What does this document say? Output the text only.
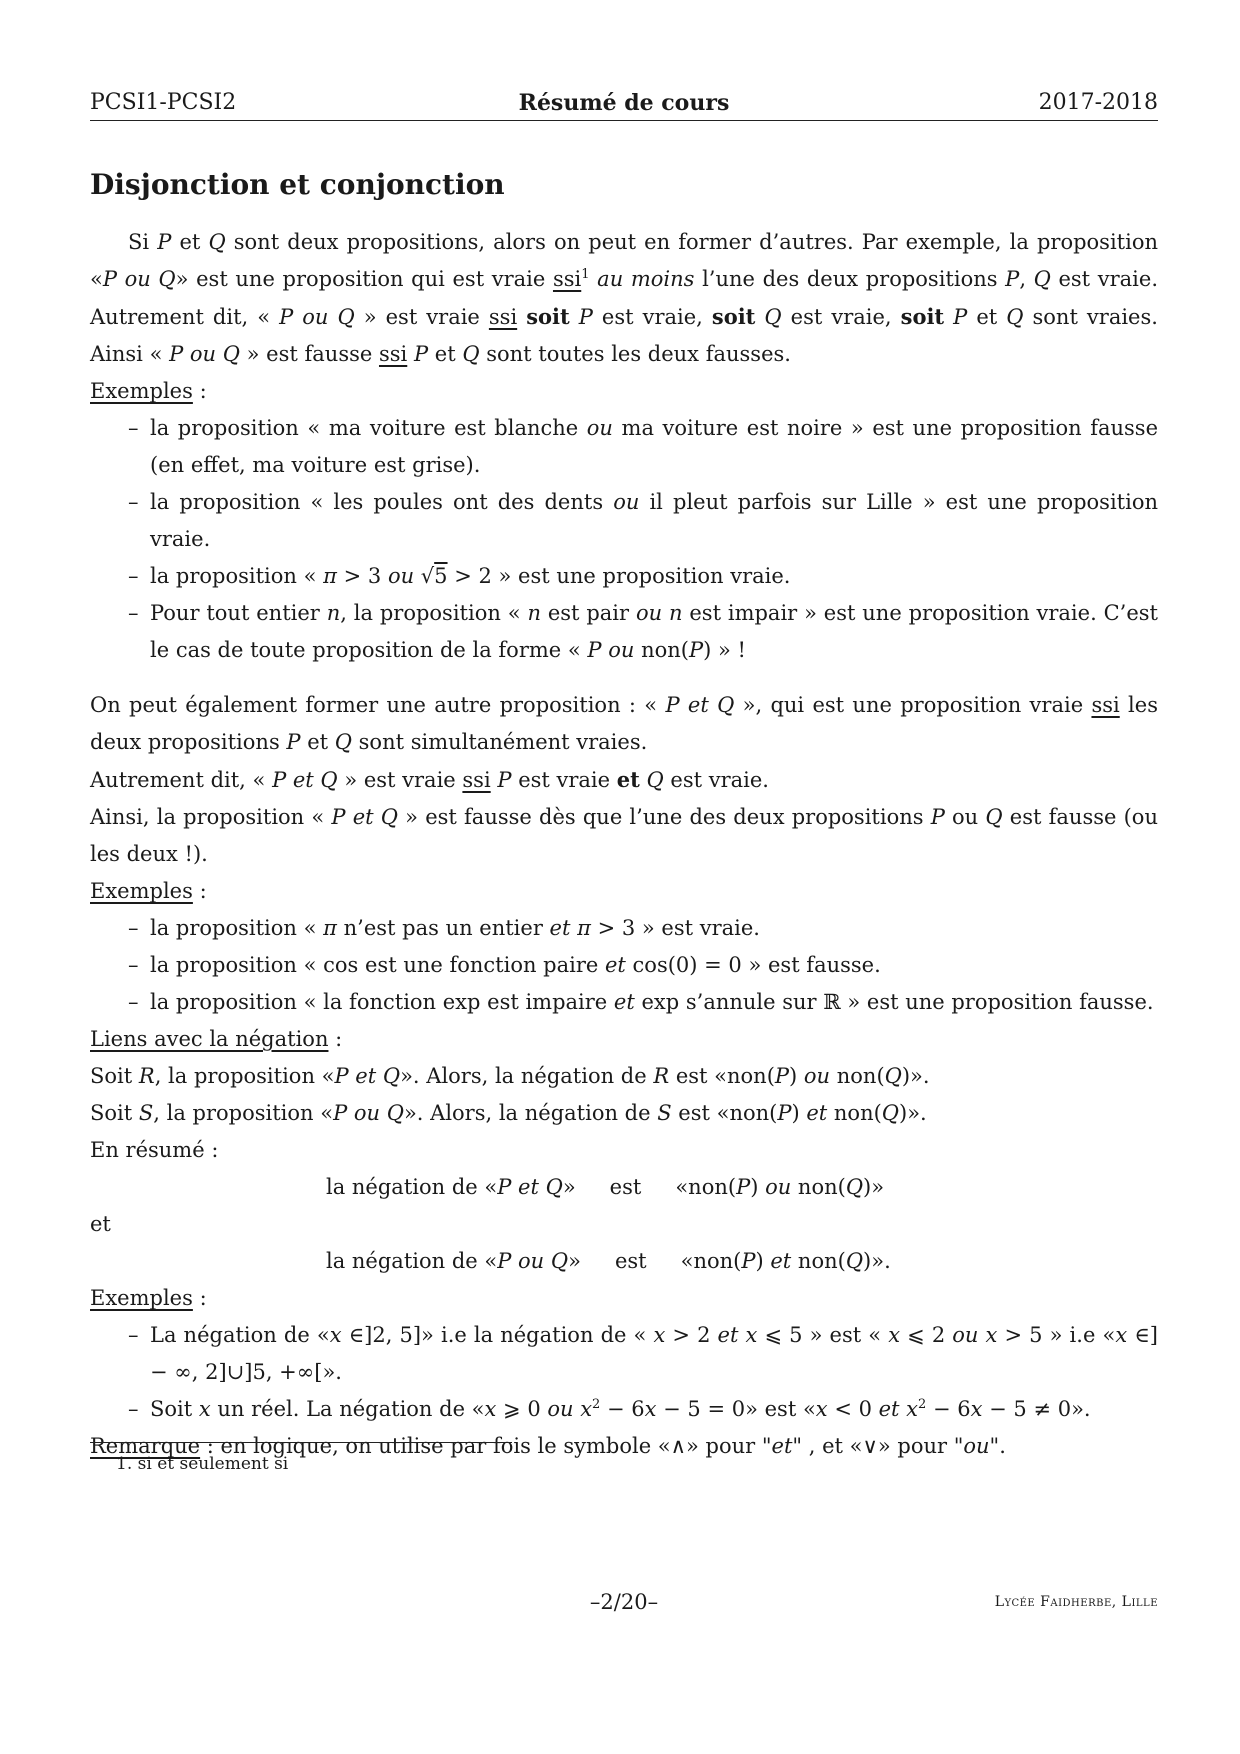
PCSI1-PCSI2	Résumé de cours	2017-2018
Disjonction et conjonction

Si P et Q sont deux propositions, alors on peut en former d’autres. Par exemple, la proposition «P ou Q» est une proposition qui est vraie ssi$^1$ au moins l’une des deux propositions P, Q est vraie. Autrement dit, « P ou Q » est vraie ssi soit P est vraie, soit Q est vraie, soit P et Q sont vraies. Ainsi « P ou Q » est fausse ssi P et Q sont toutes les deux fausses.

Exemples :

– la proposition « ma voiture est blanche ou ma voiture est noire » est une proposition fausse (en effet, ma voiture est grise).
– la proposition « les poules ont des dents ou il pleut parfois sur Lille » est une proposition vraie.
– la proposition « π > 3 ou √5 > 2 » est une proposition vraie.
– Pour tout entier n, la proposition « n est pair ou n est impair » est une proposition vraie. C’est le cas de toute proposition de la forme « P ou non(P) » !

On peut également former une autre proposition : « P et Q », qui est une proposition vraie ssi les deux propositions P et Q sont simultanément vraies.

Autrement dit, « P et Q » est vraie ssi P est vraie et Q est vraie.

Ainsi, la proposition « P et Q » est fausse dès que l’une des deux propositions P ou Q est fausse (ou les deux !).

Exemples :

– la proposition « π n’est pas un entier et π > 3 » est vraie.
– la proposition « cos est une fonction paire et cos(0) = 0 » est fausse.
– la proposition « la fonction exp est impaire et exp s’annule sur ℝ » est une proposition fausse.

Liens avec la négation :

Soit R, la proposition «P et Q». Alors, la négation de R est «non(P) ou non(Q)».

Soit S, la proposition «P ou Q». Alors, la négation de S est «non(P) et non(Q)».

En résumé :

la négation de «P et Q» est «non(P) ou non(Q)»

et

la négation de «P ou Q» est «non(P) et non(Q)».

Exemples :

– La négation de «x ∈]2, 5]» i.e la négation de « x > 2 et x ⩽ 5 » est « x ⩽ 2 ou x > 5 » i.e «x ∈] − ∞, 2]∪]5, +∞[».
– Soit x un réel. La négation de «x ⩾ 0 ou $x^2 - 6x - 5 = 0$» est «x < 0 et $x^2 - 6x - 5 \ne 0$».

Remarque : en logique, on utilise par fois le symbole «∧» pour "et" , et «∨» pour "ou".

1. si et seulement si
–2/20–	Lycée Faidherbe, Lille
